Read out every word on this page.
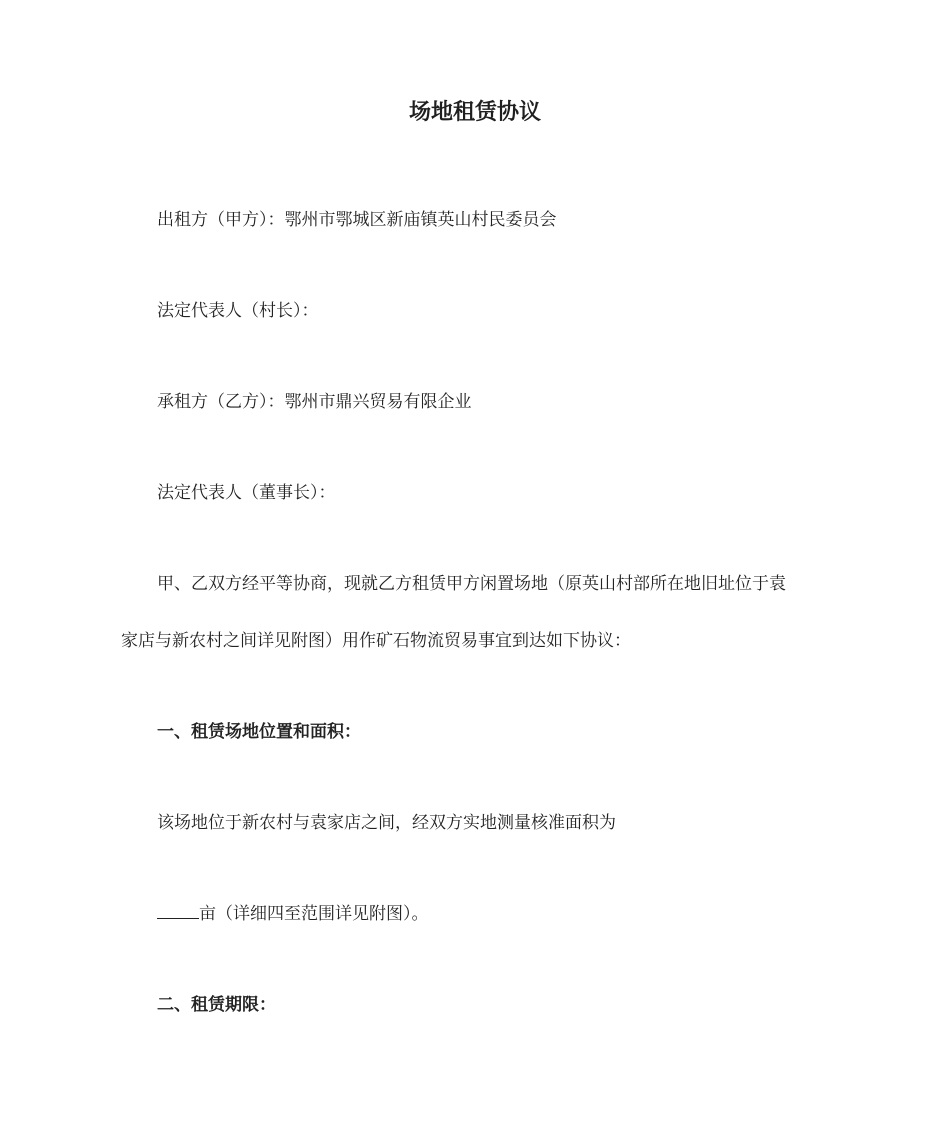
场地租赁协议

出租方（甲方）：鄂州市鄂城区新庙镇英山村民委员会

法定代表人（村长）：

承租方（乙方）：鄂州市鼎兴贸易有限企业

法定代表人（董事长）：

甲、乙双方经平等协商，现就乙方租赁甲方闲置场地（原英山村部所在地旧址位于袁

家店与新农村之间详见附图）用作矿石物流贸易事宜到达如下协议：

一、租赁场地位置和面积：

该场地位于新农村与袁家店之间，经双方实地测量核准面积为

亩（详细四至范围详见附图）。

二、租赁期限：
